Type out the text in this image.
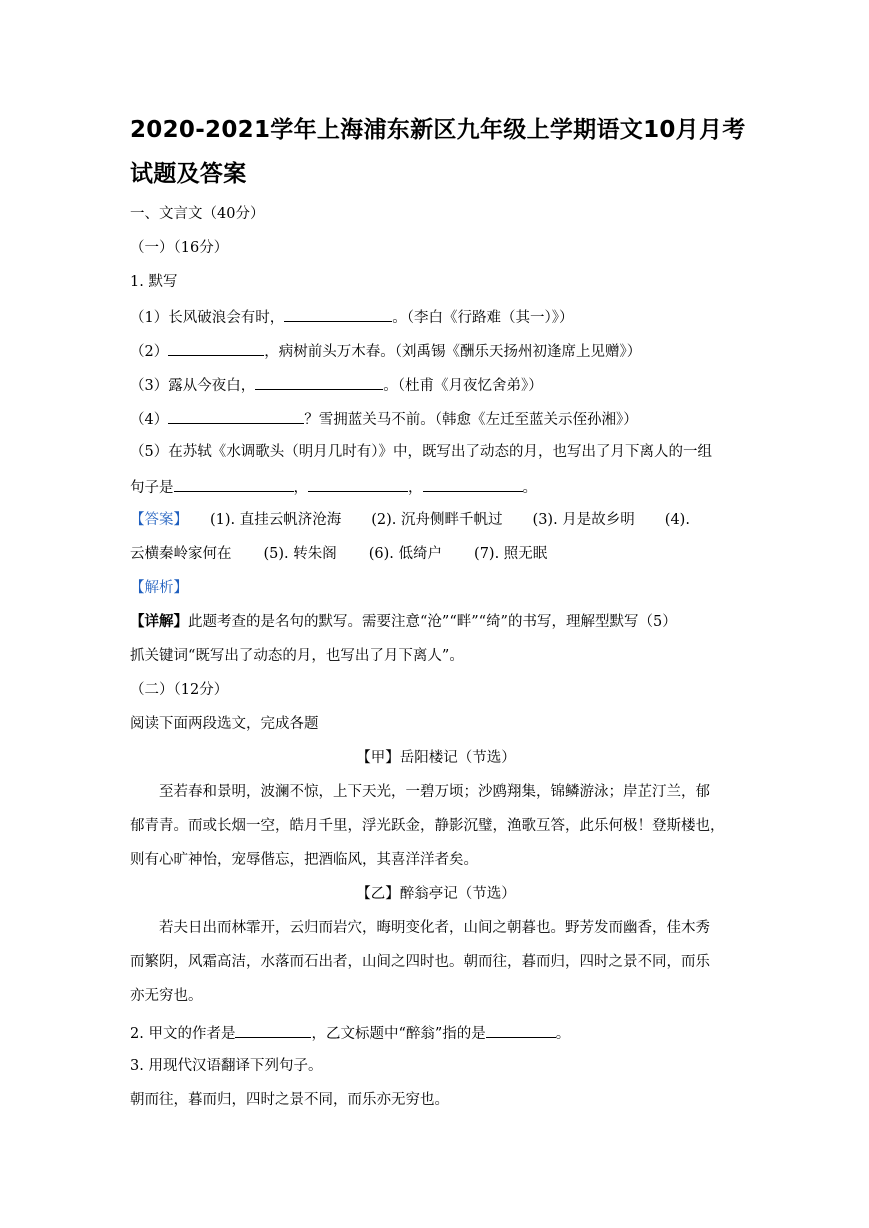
2020-2021学年上海浦东新区九年级上学期语文10月月考
试题及答案
一、文言文（40分）
（一）（16分）
1. 默写
（1）长风破浪会有时，	。（李白《行路难（其一）》）
（2）	，病树前头万木春。（刘禹锡《酬乐天扬州初逢席上见赠》）
（3）露从今夜白，	。（杜甫《月夜忆舍弟》）
（4）	？雪拥蓝关马不前。（韩愈《左迁至蓝关示侄孙湘》）
（5）在苏轼《水调歌头（明月几时有）》中，既写出了动态的月，也写出了月下离人的一组
句子是	，	，	。
【答案】 (1). 直挂云帆济沧海 (2). 沉舟侧畔千帆过 (3). 月是故乡明 (4).
云横秦岭家何在 (5). 转朱阁 (6). 低绮户 (7). 照无眠
【解析】
【详解】此题考查的是名句的默写。需要注意“沧”“畔”“绮”的书写，理解型默写（5）
抓关键词“既写出了动态的月，也写出了月下离人”。
（二）（12分）
阅读下面两段选文，完成各题
【甲】岳阳楼记（节选）
至若春和景明，波澜不惊，上下天光，一碧万顷；沙鸥翔集，锦鳞游泳；岸芷汀兰，郁
郁青青。而或长烟一空，皓月千里，浮光跃金，静影沉璧，渔歌互答，此乐何极！登斯楼也，
则有心旷神怡，宠辱偕忘，把酒临风，其喜洋洋者矣。
【乙】醉翁亭记（节选）
若夫日出而林霏开，云归而岩穴，晦明变化者，山间之朝暮也。野芳发而幽香，佳木秀
而繁阴，风霜高洁，水落而石出者，山间之四时也。朝而往，暮而归，四时之景不同，而乐
亦无穷也。
2. 甲文的作者是	，乙文标题中“醉翁”指的是	。
3. 用现代汉语翻译下列句子。
朝而往，暮而归，四时之景不同，而乐亦无穷也。
